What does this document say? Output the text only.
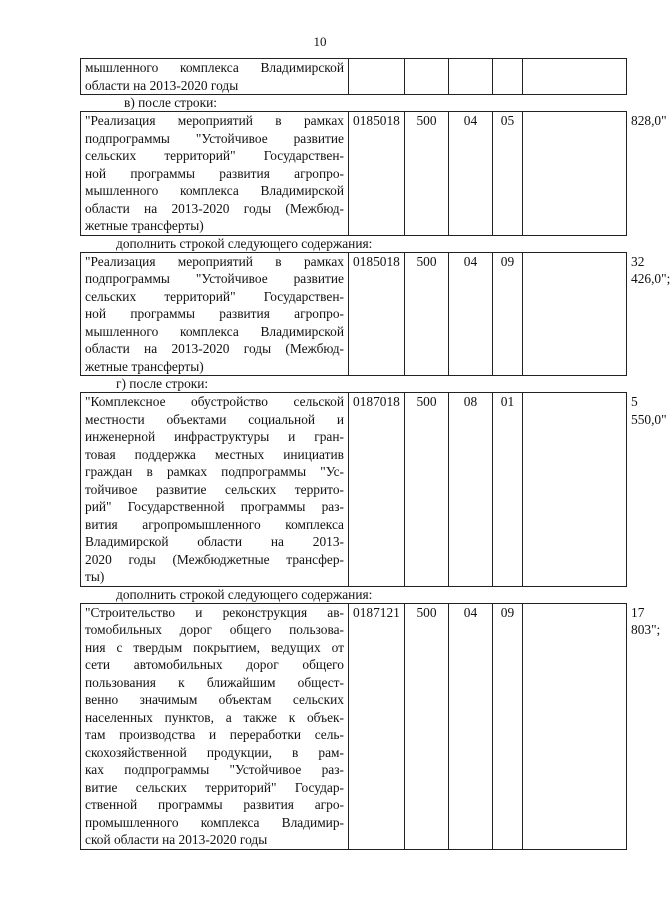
10
мышленного комплекса Владимирской
области на 2013-2020 годы

в) после строки:
"Реализация мероприятий в рамках
подпрограммы "Устойчивое развитие
сельских территорий" Государствен-
ной программы развития агропро-
мышленного комплекса Владимирской
области на 2013-2020 годы (Межбюд-
жетные трансферты)
	0185018	500	04	05		828,0"
дополнить строкой следующего содержания:
"Реализация мероприятий в рамках
подпрограммы "Устойчивое развитие
сельских территорий" Государствен-
ной программы развития агропро-
мышленного комплекса Владимирской
области на 2013-2020 годы (Межбюд-
жетные трансферты)
	0185018	500	04	09		32 426,0";
г) после строки:
"Комплексное обустройство сельской
местности объектами социальной и
инженерной инфраструктуры и гран-
товая поддержка местных инициатив
граждан в рамках подпрограммы "Ус-
тойчивое развитие сельских террито-
рий" Государственной программы раз-
вития агропромышленного комплекса
Владимирской области на 2013-
2020 годы (Межбюджетные трансфер-
ты)
	0187018	500	08	01		5 550,0"
дополнить строкой следующего содержания:
"Строительство и реконструкция ав-
томобильных дорог общего пользова-
ния с твердым покрытием, ведущих от
сети автомобильных дорог общего
пользования к ближайшим общест-
венно значимым объектам сельских
населенных пунктов, а также к объек-
там производства и переработки сель-
скохозяйственной продукции, в рам-
ках подпрограммы "Устойчивое раз-
витие сельских территорий" Государ-
ственной программы развития агро-
промышленного комплекса Владимир-
ской области на 2013-2020 годы
	0187121	500	04	09		17 803";
